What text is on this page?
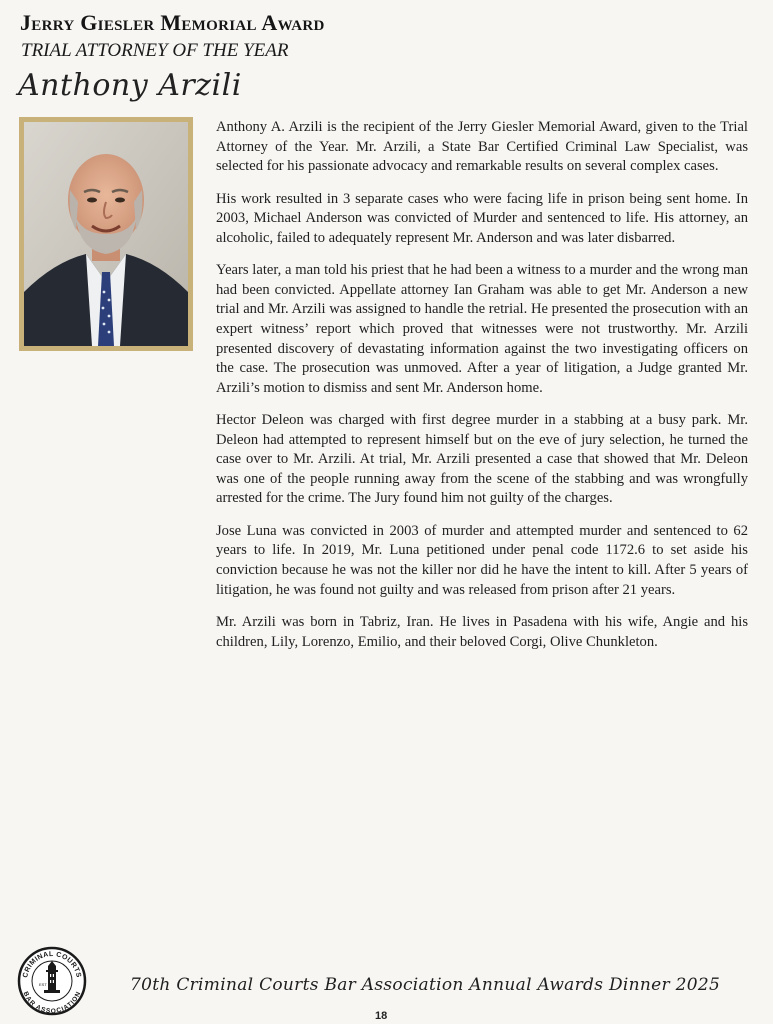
Jerry Giesler Memorial Award
TRIAL ATTORNEY OF THE YEAR
Anthony Arzili

Anthony A. Arzili is the recipient of the Jerry Giesler Memorial Award, given to the Trial Attorney of the Year. Mr. Arzili, a State Bar Certified Criminal Law Specialist, was selected for his passionate advocacy and remarkable results on several complex cases.

His work resulted in 3 separate cases who were facing life in prison being sent home. In 2003, Michael Anderson was convicted of Murder and sentenced to life. His attorney, an alcoholic, failed to adequately represent Mr. Anderson and was later disbarred.

Years later, a man told his priest that he had been a witness to a murder and the wrong man had been convicted. Appellate attorney Ian Graham was able to get Mr. Anderson a new trial and Mr. Arzili was assigned to handle the retrial. He presented the prosecution with an expert witness’ report which proved that witnesses were not trustworthy. Mr. Arzili presented discovery of devastating information against the two investigating officers on the case. The prosecution was unmoved. After a year of litigation, a Judge granted Mr. Arzili’s motion to dismiss and sent Mr. Anderson home.

Hector Deleon was charged with first degree murder in a stabbing at a busy park. Mr. Deleon had attempted to represent himself but on the eve of jury selection, he turned the case over to Mr. Arzili. At trial, Mr. Arzili presented a case that showed that Mr. Deleon was one of the people running away from the scene of the stabbing and was wrongfully arrested for the crime. The Jury found him not guilty of the charges.

Jose Luna was convicted in 2003 of murder and attempted murder and sentenced to 62 years to life. In 2019, Mr. Luna petitioned under penal code 1172.6 to set aside his conviction because he was not the killer nor did he have the intent to kill. After 5 years of litigation, he was found not guilty and was released from prison after 21 years.

Mr. Arzili was born in Tabriz, Iran. He lives in Pasadena with his wife, Angie and his children, Lily, Lorenzo, Emilio, and their beloved Corgi, Olive Chunkleton.

CRIMINAL COURTS
BAR ASSOCIATION
EST	70th Criminal Courts Bar Association Annual Awards Dinner 2025
18
